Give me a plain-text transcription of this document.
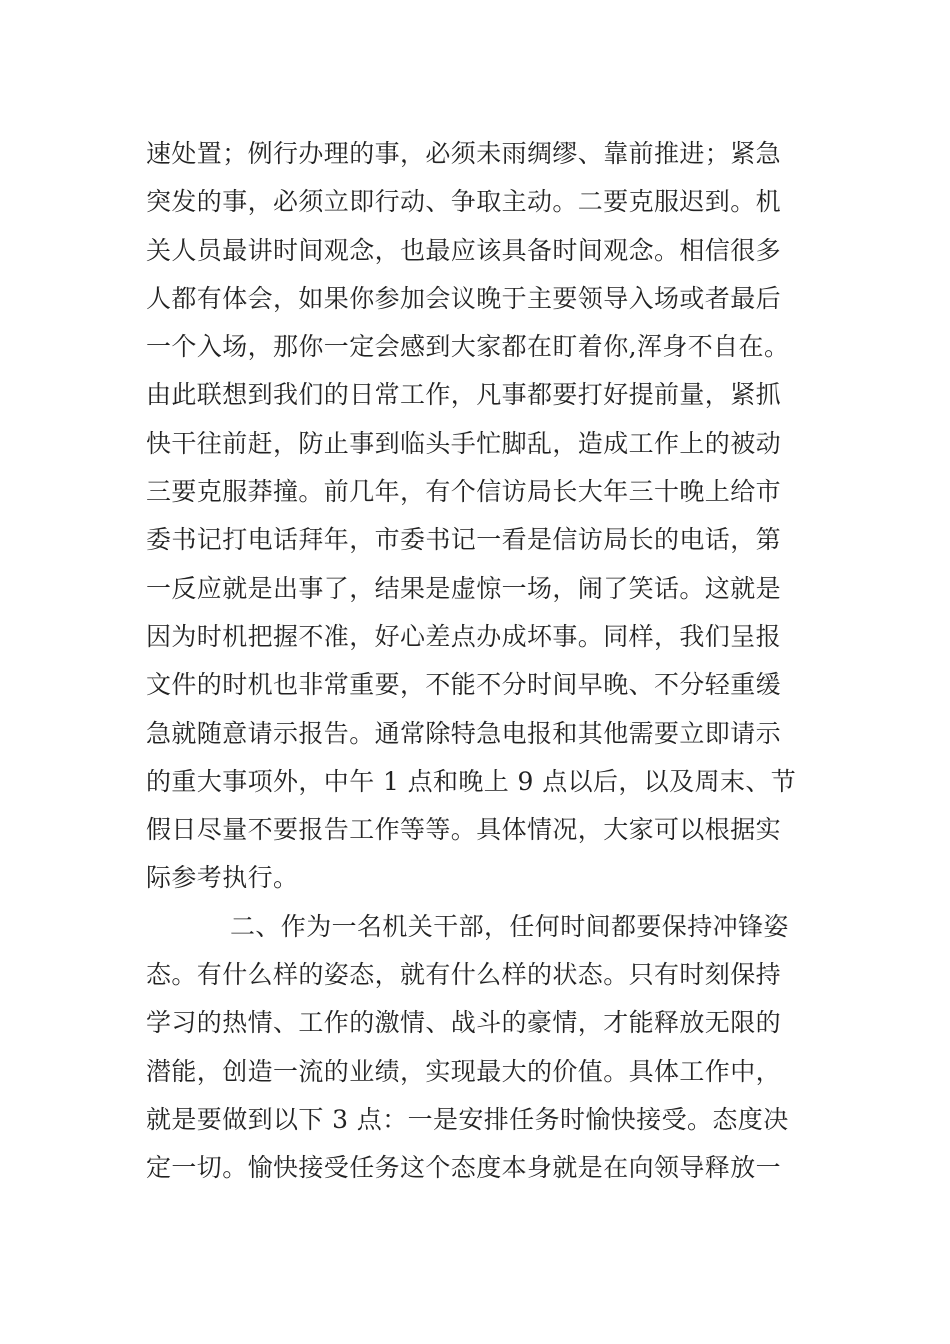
速处置；例行办理的事，必须未雨绸缪、靠前推进；紧急
突发的事，必须立即行动、争取主动。二要克服迟到。机
关人员最讲时间观念，也最应该具备时间观念。相信很多
人都有体会，如果你参加会议晚于主要领导入场或者最后
一个入场，那你一定会感到大家都在盯着你,浑身不自在。
由此联想到我们的日常工作，凡事都要打好提前量，紧抓
快干往前赶，防止事到临头手忙脚乱，造成工作上的被动
三要克服莽撞。前几年，有个信访局长大年三十晚上给市
委书记打电话拜年，市委书记一看是信访局长的电话，第
一反应就是出事了，结果是虚惊一场，闹了笑话。这就是
因为时机把握不准，好心差点办成坏事。同样，我们呈报
文件的时机也非常重要，不能不分时间早晚、不分轻重缓
急就随意请示报告。通常除特急电报和其他需要立即请示
的重大事项外，中午 1 点和晚上 9 点以后，以及周末、节
假日尽量不要报告工作等等。具体情况，大家可以根据实
际参考执行。
二、作为一名机关干部，任何时间都要保持冲锋姿
态。有什么样的姿态，就有什么样的状态。只有时刻保持
学习的热情、工作的激情、战斗的豪情，才能释放无限的
潜能，创造一流的业绩，实现最大的价值。具体工作中，
就是要做到以下 3 点：一是安排任务时愉快接受。态度决
定一切。愉快接受任务这个态度本身就是在向领导释放一
